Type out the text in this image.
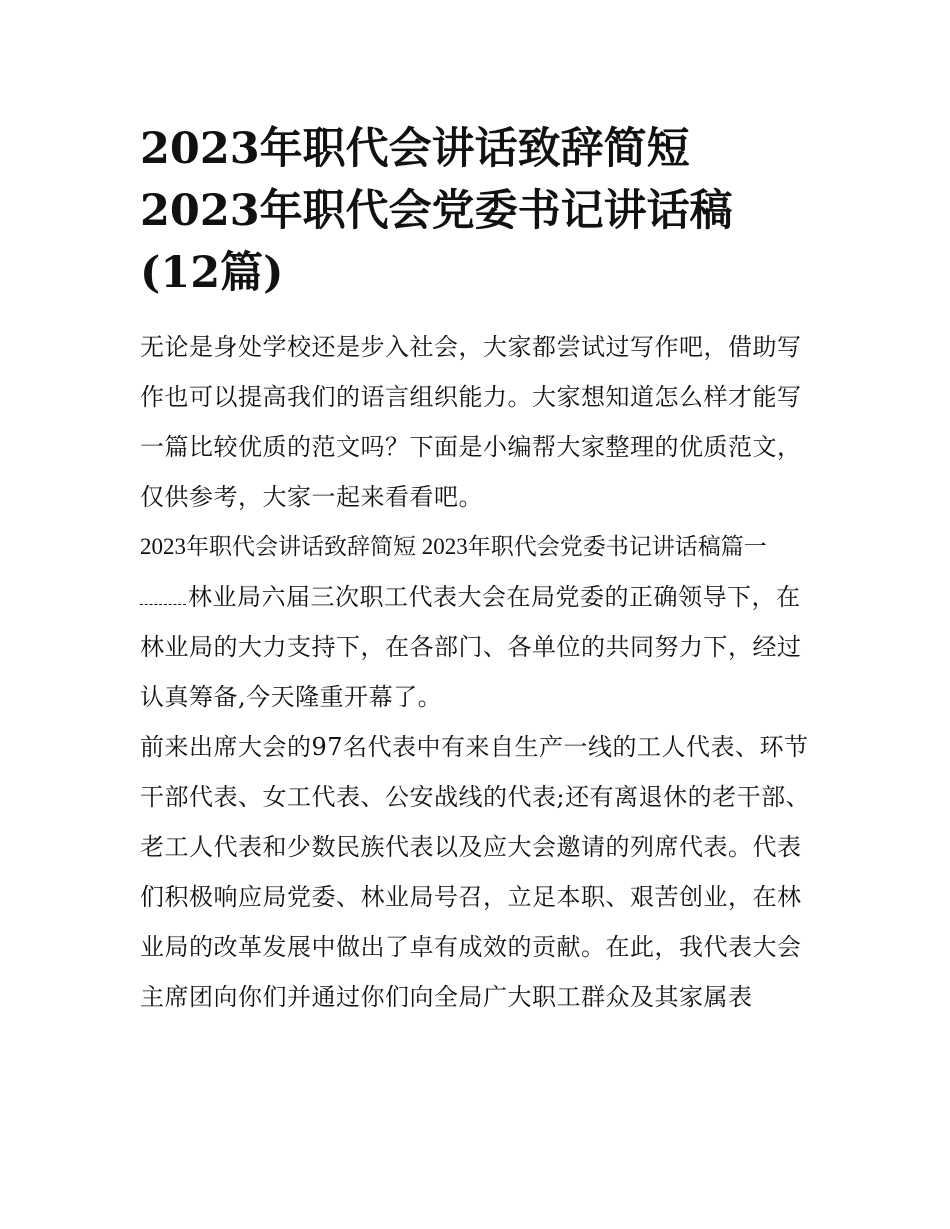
2023年职代会讲话致辞简短
2023年职代会党委书记讲话稿
(12篇)

无论是身处学校还是步入社会，大家都尝试过写作吧，借助写作也可以提高我们的语言组织能力。大家想知道怎么样才能写一篇比较优质的范文吗？下面是小编帮大家整理的优质范文，仅供参考，大家一起来看看吧。

2023年职代会讲话致辞简短 2023年职代会党委书记讲话稿篇一

林业局六届三次职工代表大会在局党委的正确领导下，在林业局的大力支持下，在各部门、各单位的共同努力下，经过认真筹备,今天隆重开幕了。

前来出席大会的97名代表中有来自生产一线的工人代表、环节干部代表、女工代表、公安战线的代表;还有离退休的老干部、老工人代表和少数民族代表以及应大会邀请的列席代表。代表们积极响应局党委、林业局号召，立足本职、艰苦创业，在林业局的改革发展中做出了卓有成效的贡献。在此，我代表大会主席团向你们并通过你们向全局广大职工群众及其家属表
